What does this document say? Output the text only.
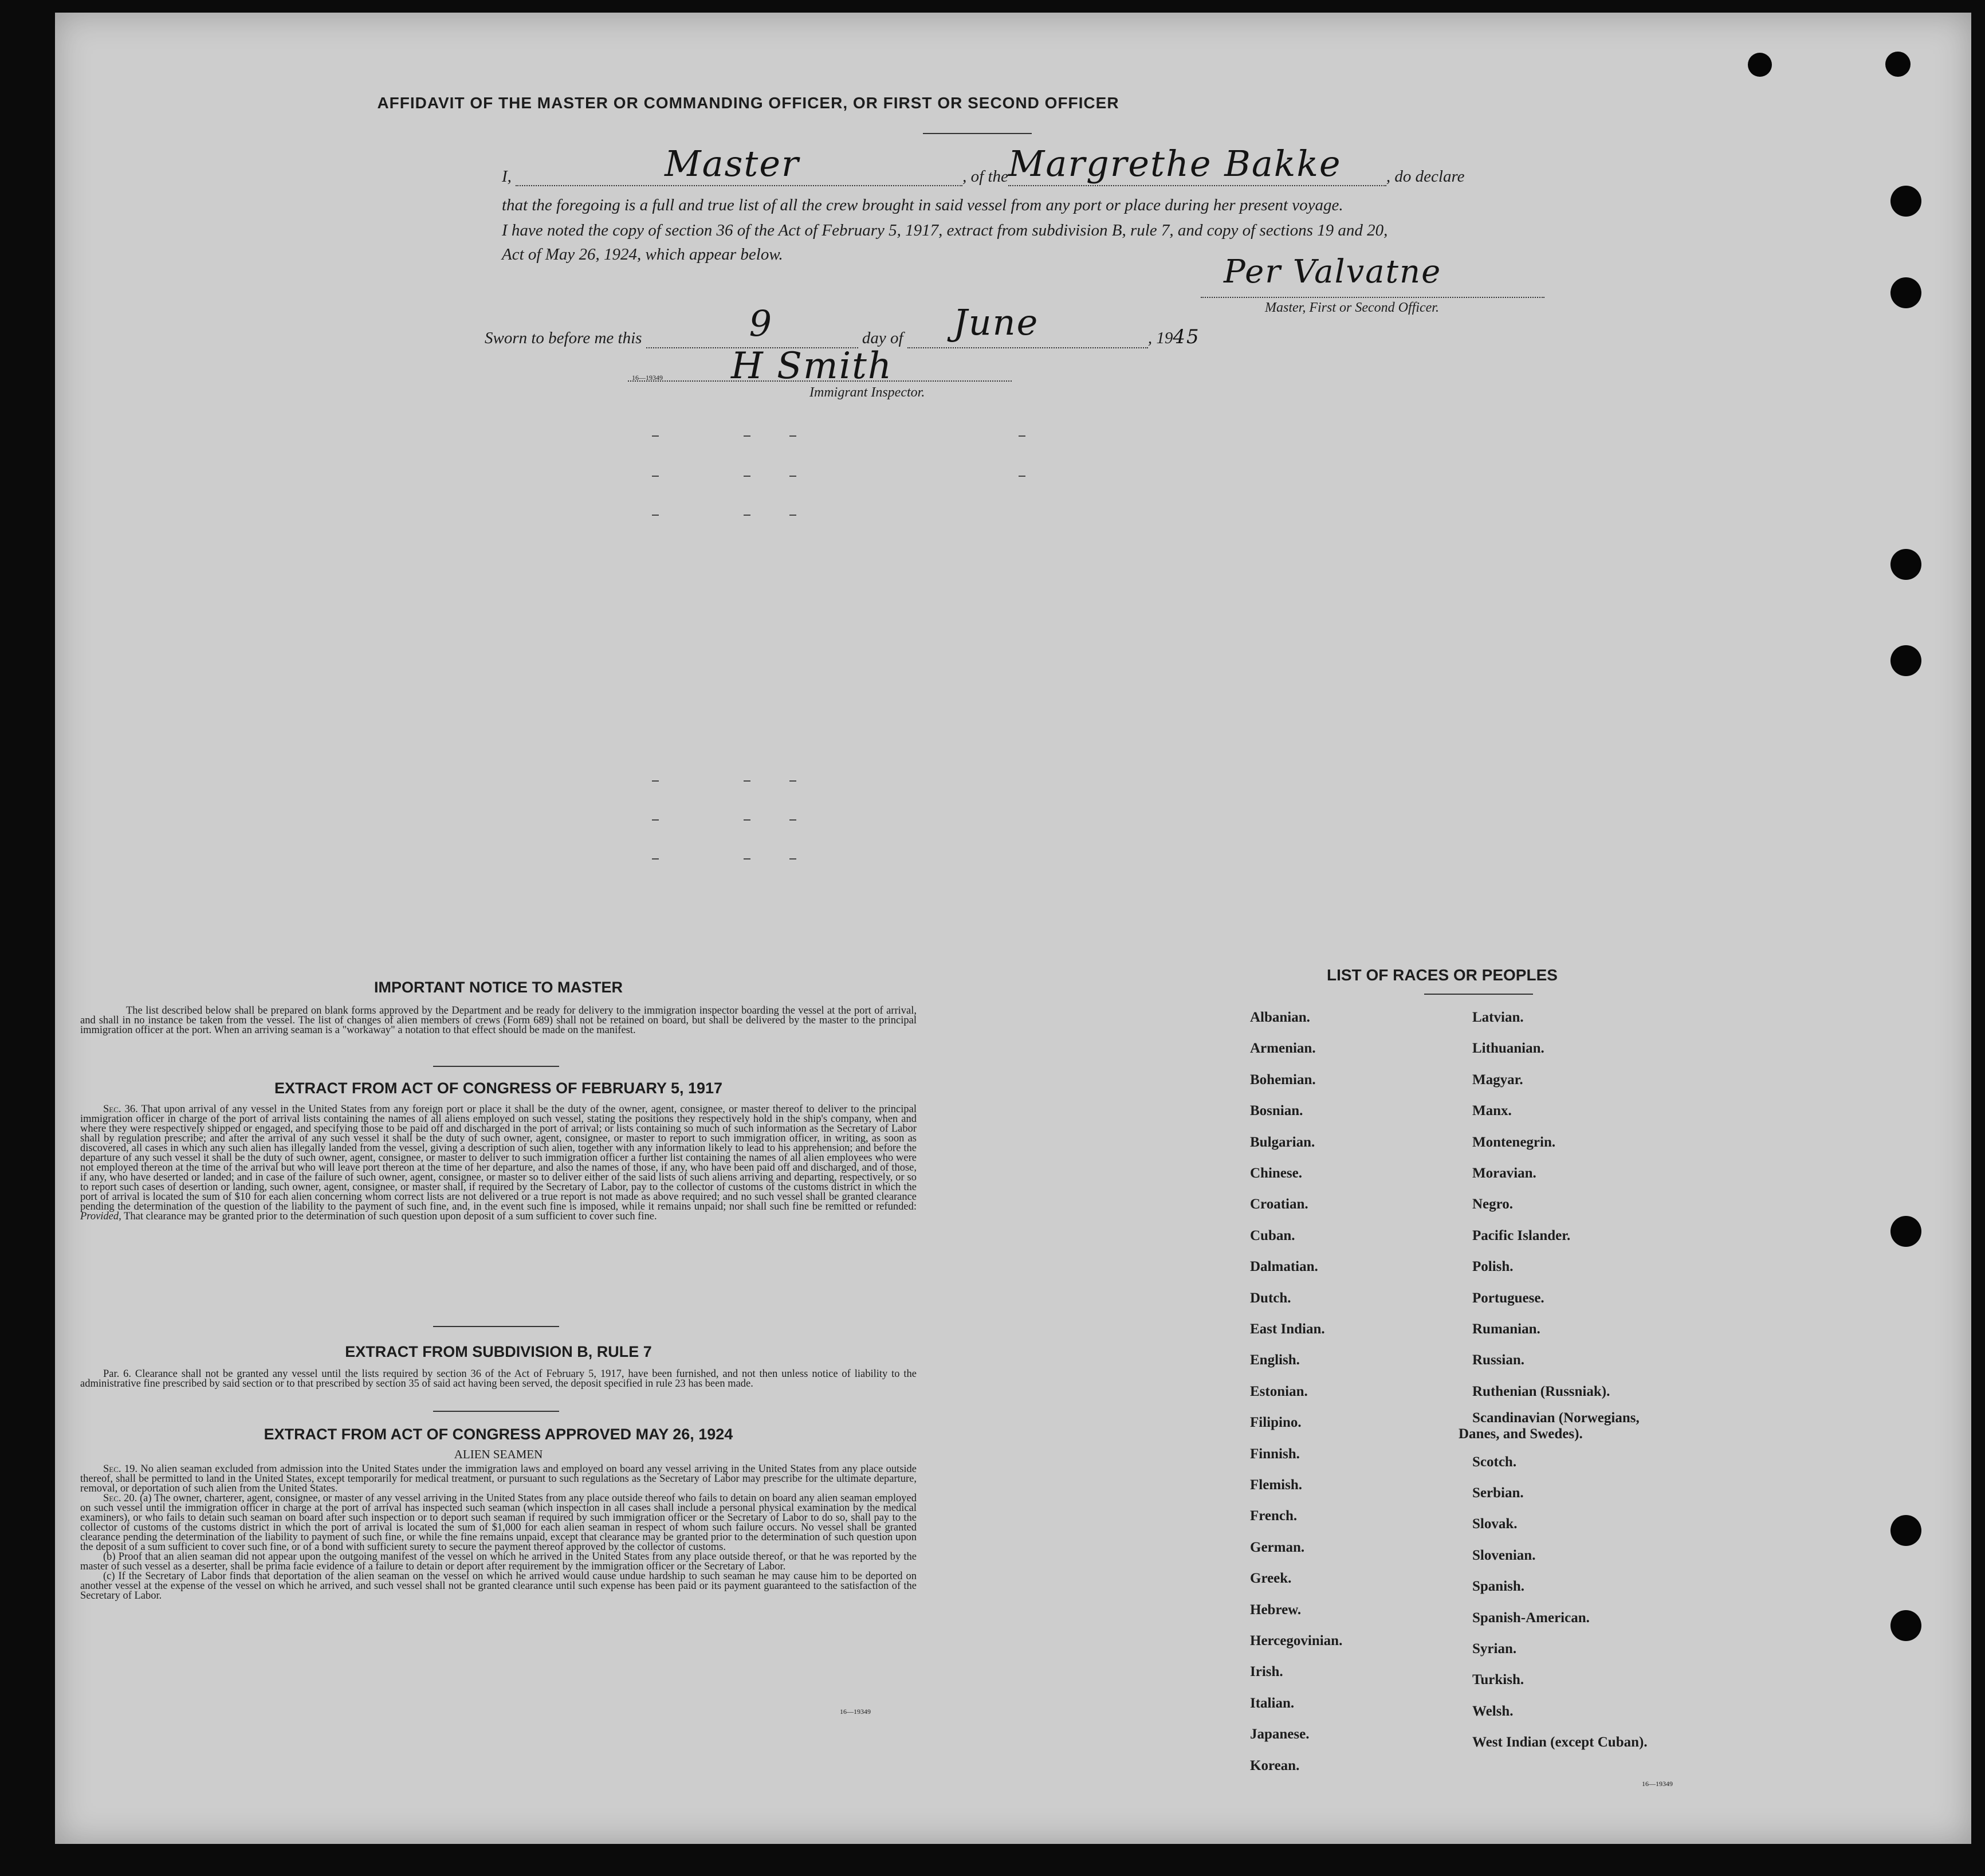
AFFIDAVIT OF THE MASTER OR COMMANDING OFFICER, OR FIRST OR SECOND OFFICER
I,	Master	, of the Margrethe Bakke	, do declare
that the foregoing is a full and true list of all the crew brought in said vessel from any port or place during her present voyage.
I have noted the copy of section 36 of the Act of February 5, 1917, extract from subdivision B, rule 7, and copy of sections 19 and 20,
Act of May 26, 1924, which appear below.	Per Valvatne
Master, First or Second Officer.
Sworn to before me this	9	day of June	, 1945
H Smith
16—19349
Immigrant Inspector.
IMPORTANT NOTICE TO MASTER

The list described below shall be prepared on blank forms approved by the Department and be ready for delivery to the immigration inspector boarding the vessel at the port of arrival, and shall in no instance be taken from the vessel. The list of changes of alien members of crews (Form 689) shall not be retained on board, but shall be delivered by the master to the principal immigration officer at the port. When an arriving seaman is a "workaway" a notation to that effect should be made on the manifest.

EXTRACT FROM ACT OF CONGRESS OF FEBRUARY 5, 1917

Sec. 36. That upon arrival of any vessel in the United States from any foreign port or place it shall be the duty of the owner, agent, consignee, or master thereof to deliver to the principal immigration officer in charge of the port of arrival lists containing the names of all aliens employed on such vessel, stating the positions they respectively hold in the ship's company, when and where they were respectively shipped or engaged, and specifying those to be paid off and discharged in the port of arrival; or lists containing so much of such information as the Secretary of Labor shall by regulation prescribe; and after the arrival of any such vessel it shall be the duty of such owner, agent, consignee, or master to report to such immigration officer, in writing, as soon as discovered, all cases in which any such alien has illegally landed from the vessel, giving a description of such alien, together with any information likely to lead to his apprehension; and before the departure of any such vessel it shall be the duty of such owner, agent, consignee, or master to deliver to such immigration officer a further list containing the names of all alien employees who were not employed thereon at the time of the arrival but who will leave port thereon at the time of her departure, and also the names of those, if any, who have been paid off and discharged, and of those, if any, who have deserted or landed; and in case of the failure of such owner, agent, consignee, or master so to deliver either of the said lists of such aliens arriving and departing, respectively, or so to report such cases of desertion or landing, such owner, agent, consignee, or master shall, if required by the Secretary of Labor, pay to the collector of customs of the customs district in which the port of arrival is located the sum of $10 for each alien concerning whom correct lists are not delivered or a true report is not made as above required; and no such vessel shall be granted clearance pending the determination of the question of the liability to the payment of such fine, and, in the event such fine is imposed, while it remains unpaid; nor shall such fine be remitted or refunded: Provided, That clearance may be granted prior to the determination of such question upon deposit of a sum sufficient to cover such fine.

EXTRACT FROM SUBDIVISION B, RULE 7

Par. 6. Clearance shall not be granted any vessel until the lists required by section 36 of the Act of February 5, 1917, have been furnished, and not then unless notice of liability to the administrative fine prescribed by said section or to that prescribed by section 35 of said act having been served, the deposit specified in rule 23 has been made.

EXTRACT FROM ACT OF CONGRESS APPROVED MAY 26, 1924
ALIEN SEAMEN

Sec. 19. No alien seaman excluded from admission into the United States under the immigration laws and employed on board any vessel arriving in the United States from any place outside thereof, shall be permitted to land in the United States, except temporarily for medical treatment, or pursuant to such regulations as the Secretary of Labor may prescribe for the ultimate departure, removal, or deportation of such alien from the United States.

Sec. 20. (a) The owner, charterer, agent, consignee, or master of any vessel arriving in the United States from any place outside thereof who fails to detain on board any alien seaman employed on such vessel until the immigration officer in charge at the port of arrival has inspected such seaman (which inspection in all cases shall include a personal physical examination by the medical examiners), or who fails to detain such seaman on board after such inspection or to deport such seaman if required by such immigration officer or the Secretary of Labor to do so, shall pay to the collector of customs of the customs district in which the port of arrival is located the sum of $1,000 for each alien seaman in respect of whom such failure occurs. No vessel shall be granted clearance pending the determination of the liability to payment of such fine, or while the fine remains unpaid, except that clearance may be granted prior to the determination of such question upon the deposit of a sum sufficient to cover such fine, or of a bond with sufficient surety to secure the payment thereof approved by the collector of customs.

(b) Proof that an alien seaman did not appear upon the outgoing manifest of the vessel on which he arrived in the United States from any place outside thereof, or that he was reported by the master of such vessel as a deserter, shall be prima facie evidence of a failure to detain or deport after requirement by the immigration officer or the Secretary of Labor.

(c) If the Secretary of Labor finds that deportation of the alien seaman on the vessel on which he arrived would cause undue hardship to such seaman he may cause him to be deported on another vessel at the expense of the vessel on which he arrived, and such vessel shall not be granted clearance until such expense has been paid or its payment guaranteed to the satisfaction of the Secretary of Labor.

16—19349
LIST OF RACES OR PEOPLES
Albanian.
Armenian.
Bohemian.
Bosnian.
Bulgarian.
Chinese.
Croatian.
Cuban.
Dalmatian.
Dutch.
East Indian.
English.
Estonian.
Filipino.
Finnish.
Flemish.
French.
German.
Greek.
Hebrew.
Hercegovinian.
Irish.
Italian.
Japanese.
Korean.
Latvian.
Lithuanian.
Magyar.
Manx.
Montenegrin.
Moravian.
Negro.
Pacific Islander.
Polish.
Portuguese.
Rumanian.
Russian.
Ruthenian (Russniak).
Scandinavian (Norwegians,
Danes, and Swedes).
Scotch.
Serbian.
Slovak.
Slovenian.
Spanish.
Spanish-American.
Syrian.
Turkish.
Welsh.
West Indian (except Cuban).
16—19349
